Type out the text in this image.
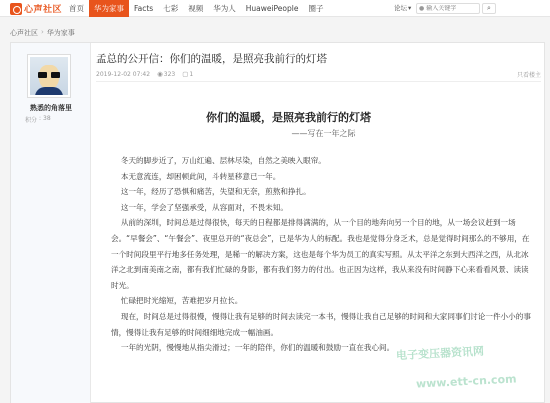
心声社区 首页	华为家事	Facts	七彩	视频	华为人	HuaweiPeople	圈子	论坛 ▾ ●
输入关键字	⌕
心声社区 › 华为家事
熟悉的角落里
积分 : 38
孟总的公开信：你们的温暖，是照亮我前行的灯塔
2019-12-02 07:42 ◉323 ▢1	只看楼主
你们的温暖，是照亮我前行的灯塔
——写在一年之际

冬天的脚步近了，万山红遍、层林尽染，自然之美映入眼帘。

本无意流连，却困顿此间，斗转星移意已一年。

这一年，经历了恐惧和痛苦，失望和无奈，煎熬和挣扎。

这一年，学会了坚强承受，从容面对，不畏未知。

从前的深圳，时间总是过得很快，每天的日程都是排得满满的，从一个目的地奔向另一个目的地，从一场会议赶到一场会。“早餐会”、“午餐会”、夜里总开的“夜总会”，已是华为人的标配。我也是觉得分身乏术，总是觉得时间那么的不够用，在一个时间段里平行地多任务处理，是稀一的解决方案，这也是每个华为员工的真实写照。从太平洋之东到大西洋之西，从北冰洋之北到南美南之南，都有我们忙碌的身影，都有我们努力的付出。也正因为这样，我从来没有时间静下心来看看风景、读读时光。

忙碌把时光缩短，苦难把岁月拉长。

现在，时间总是过得很慢，慢得让我有足够的时间去读完一本书，慢得让我自己足够的时间和大家同事们讨论一件小小的事情，慢得让我有足够的时间细细地完成一幅油画。

一年的光阴，慢慢地从指尖滑过；一年的陪伴，你们的温暖和鼓励一直在我心间。 电子变压器资讯网
www.ett-cn.com
